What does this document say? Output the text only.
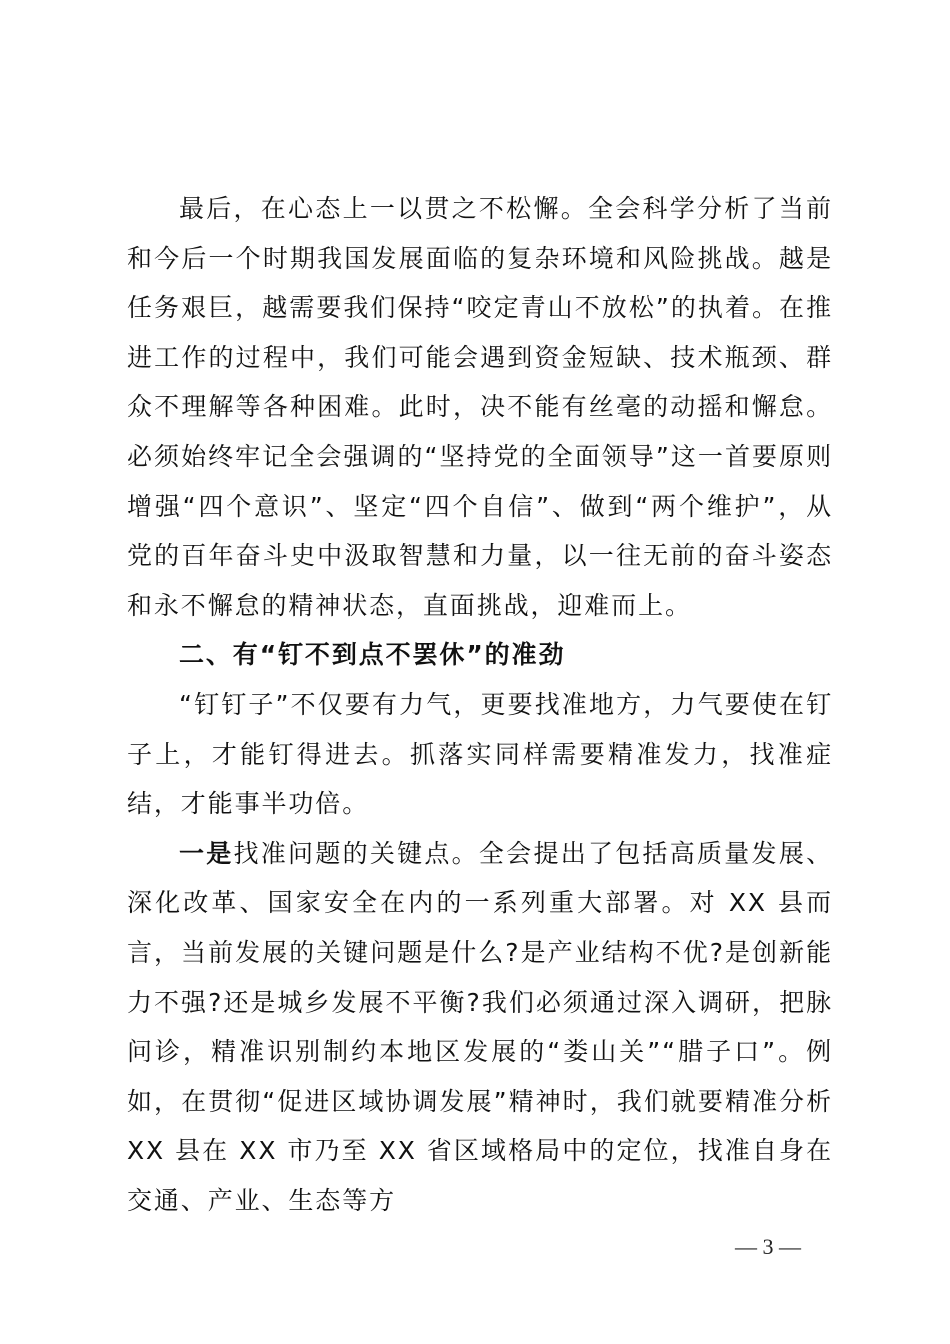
最后，在心态上一以贯之不松懈。全会科学分析了当前和今后一个时期我国发展面临的复杂环境和风险挑战。越是任务艰巨，越需要我们保持“咬定青山不放松”的执着。在推进工作的过程中，我们可能会遇到资金短缺、技术瓶颈、群众不理解等各种困难。此时，决不能有丝毫的动摇和懈怠。必须始终牢记全会强调的“坚持党的全面领导”这一首要原则增强“四个意识”、坚定“四个自信”、做到“两个维护”，从党的百年奋斗史中汲取智慧和力量，以一往无前的奋斗姿态和永不懈怠的精神状态，直面挑战，迎难而上。

二、有“钉不到点不罢休”的准劲

“钉钉子”不仅要有力气，更要找准地方，力气要使在钉子上，才能钉得进去。抓落实同样需要精准发力，找准症结，才能事半功倍。

一是找准问题的关键点。全会提出了包括高质量发展、深化改革、国家安全在内的一系列重大部署。对 XX 县而言，当前发展的关键问题是什么?是产业结构不优?是创新能力不强?还是城乡发展不平衡?我们必须通过深入调研，把脉问诊，精准识别制约本地区发展的“娄山关”“腊子口”。例如，在贯彻“促进区域协调发展”精神时，我们就要精准分析 XX 县在 XX 市乃至 XX 省区域格局中的定位，找准自身在交通、产业、生态等方

— 3 —
